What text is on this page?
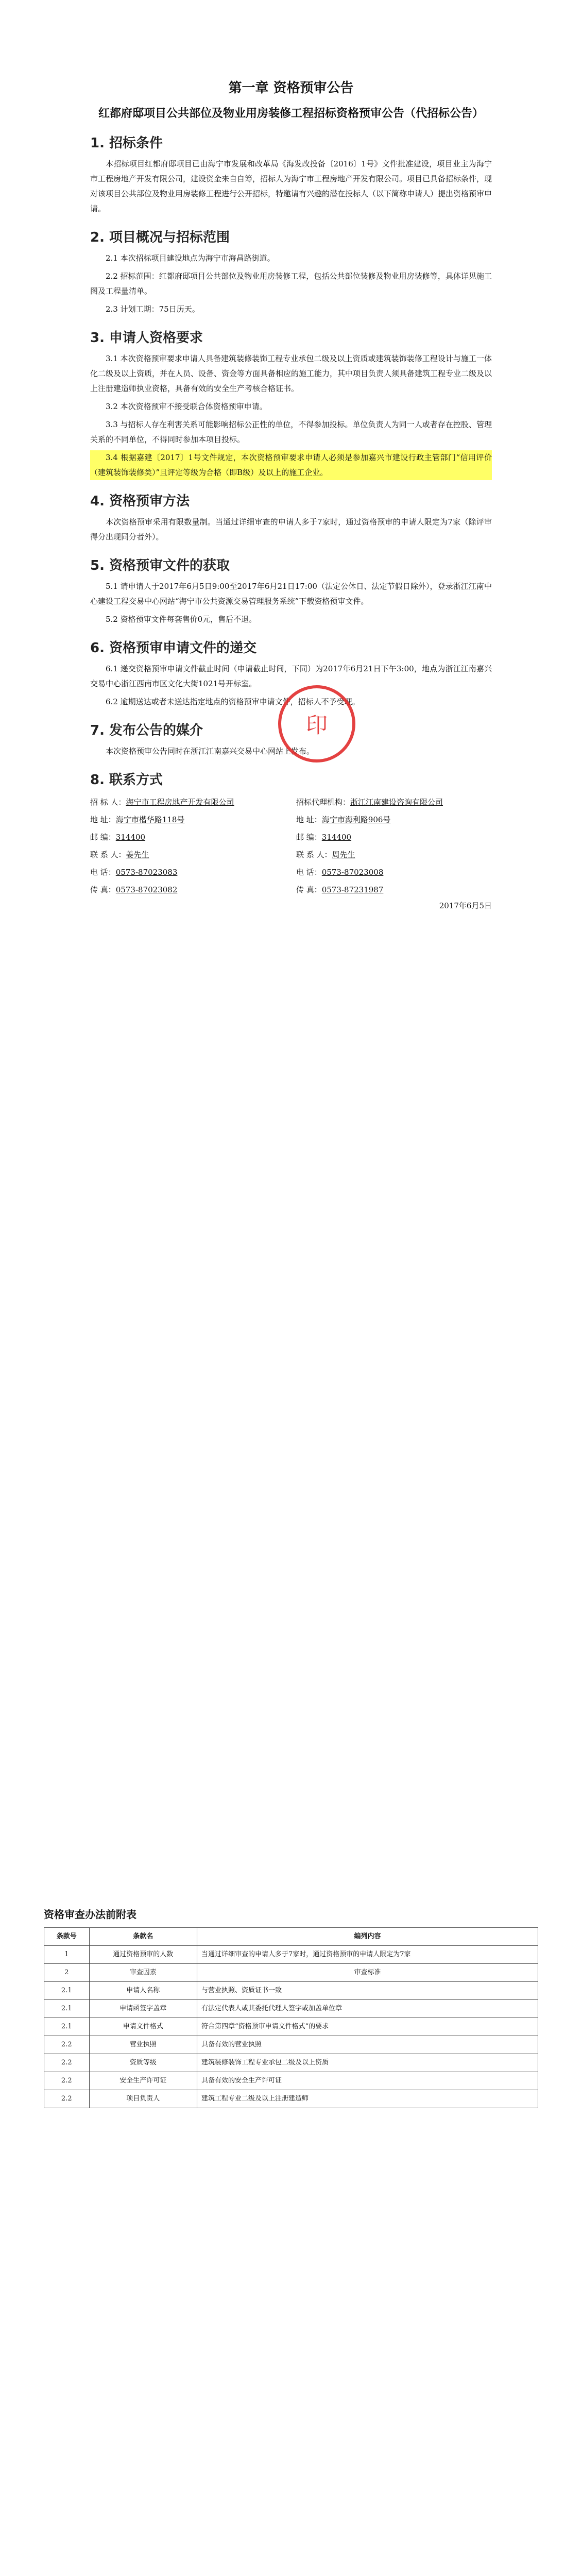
第一章 资格预审公告
红都府邸项目公共部位及物业用房装修工程招标资格预审公告（代招标公告）
1. 招标条件

本招标项目红都府邸项目已由海宁市发展和改革局《海发改投备〔2016〕1号》文件批准建设，项目业主为海宁市工程房地产开发有限公司，建设资金来自自筹，招标人为海宁市工程房地产开发有限公司。项目已具备招标条件，现对该项目公共部位及物业用房装修工程进行公开招标，特邀请有兴趣的潜在投标人（以下简称申请人）提出资格预审申请。

2. 项目概况与招标范围

2.1 本次招标项目建设地点为海宁市海昌路街道。

2.2 招标范围：红都府邸项目公共部位及物业用房装修工程，包括公共部位装修及物业用房装修等，具体详见施工图及工程量清单。

2.3 计划工期：75日历天。

3. 申请人资格要求

3.1 本次资格预审要求申请人具备建筑装修装饰工程专业承包二级及以上资质或建筑装饰装修工程设计与施工一体化二级及以上资质，并在人员、设备、资金等方面具备相应的施工能力，其中项目负责人须具备建筑工程专业二级及以上注册建造师执业资格，具备有效的安全生产考核合格证书。

3.2 本次资格预审不接受联合体资格预审申请。

3.3 与招标人存在利害关系可能影响招标公正性的单位，不得参加投标。单位负责人为同一人或者存在控股、管理关系的不同单位，不得同时参加本项目投标。

3.4 根据嘉建〔2017〕1号文件规定，本次资格预审要求申请人必须是参加嘉兴市建设行政主管部门“信用评价（建筑装饰装修类）”且评定等级为合格（即B级）及以上的施工企业。

4. 资格预审方法

本次资格预审采用有限数量制。当通过详细审查的申请人多于7家时，通过资格预审的申请人限定为7家（除评审得分出现同分者外）。

5. 资格预审文件的获取

5.1 请申请人于2017年6月5日9:00至2017年6月21日17:00（法定公休日、法定节假日除外），登录浙江江南中心建设工程交易中心网站“海宁市公共资源交易管理服务系统”下载资格预审文件。

5.2 资格预审文件每套售价0元，售后不退。

6. 资格预审申请文件的递交

6.1 递交资格预审申请文件截止时间（申请截止时间，下同）为2017年6月21日下午3:00，地点为浙江江南嘉兴交易中心浙江西南市区文化大街1021号开标室。

6.2 逾期送达或者未送达指定地点的资格预审申请文件，招标人不予受理。

7. 发布公告的媒介

本次资格预审公告同时在浙江江南嘉兴交易中心网站上发布。

8. 联系方式
招 标 人：海宁市工程房地产开发有限公司	招标代理机构：浙江江南建设咨询有限公司
地 址：海宁市楷华路118号	地 址：海宁市海利路906号
邮 编：314400	邮 编：314400
联 系 人：姜先生	联 系 人：周先生
电 话：0573-87023083	电 话：0573-87023008
传 真：0573-87023082	传 真：0573-87231987
2017年6月5日
印
资格审查办法前附表
条款号	条款名	编列内容
1	通过资格预审的人数	当通过详细审查的申请人多于7家时，通过资格预审的申请人限定为7家
2	审查因素	审查标准
2.1	申请人名称	与营业执照、资质证书一致
2.1	申请函签字盖章	有法定代表人或其委托代理人签字或加盖单位章
2.1	申请文件格式	符合第四章“资格预审申请文件格式”的要求
2.2	营业执照	具备有效的营业执照
2.2	资质等级	建筑装修装饰工程专业承包二级及以上资质
2.2	安全生产许可证	具备有效的安全生产许可证
2.2	项目负责人	建筑工程专业二级及以上注册建造师
